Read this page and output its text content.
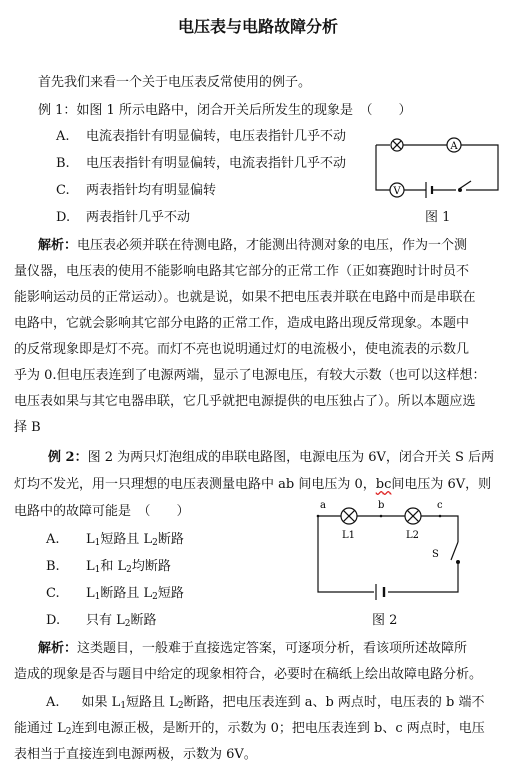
电压表与电路故障分析
首先我们来看一个关于电压表反常使用的例子。
例 1：如图 1 所示电路中，闭合开关后所发生的现象是　（　　）
A. 电流表指针有明显偏转，电压表指针几乎不动
B. 电压表指针有明显偏转，电流表指针几乎不动
C. 两表指针均有明显偏转
D. 两表指针几乎不动
A
V
图 1
解析：电压表必须并联在待测电路，才能测出待测对象的电压，作为一个测
量仪器，电压表的使用不能影响电路其它部分的正常工作（正如赛跑时计时员不
能影响运动员的正常运动）。也就是说，如果不把电压表并联在电路中而是串联在
电路中，它就会影响其它部分电路的正常工作，造成电路出现反常现象。本题中
的反常现象即是灯不亮。而灯不亮也说明通过灯的电流极小，使电流表的示数几
乎为 0.但电压表连到了电源两端，显示了电源电压，有较大示数（也可以这样想：
电压表如果与其它电器串联，它几乎就把电源提供的电压独占了）。所以本题应选
择 B
例 2：图 2 为两只灯泡组成的串联电路图，电源电压为 6V，闭合开关 S 后两
灯均不发光，用一只理想的电压表测量电路中 ab 间电压为 0，bc间电压为 6V，则
电路中的故障可能是　（　　）
A. $L_1$短路且 $L_2$断路
B. $L_1$和 $L_2$均断路
C. $L_1$断路且 $L_2$短路
D. 只有 $L_2$断路
a	b	c
L1	L2
S
图 2
解析：这类题目，一般难于直接选定答案，可逐项分析，看该项所述故障所
造成的现象是否与题目中给定的现象相符合，必要时在稿纸上绘出故障电路分析。
A. 如果 $L_1$短路且 $L_2$断路，把电压表连到 a、b 两点时，电压表的 b 端不
能通过 $L_2$连到电源正极，是断开的，示数为 0；把电压表连到 b、c 两点时，电压
表相当于直接连到电源两极，示数为 6V。
